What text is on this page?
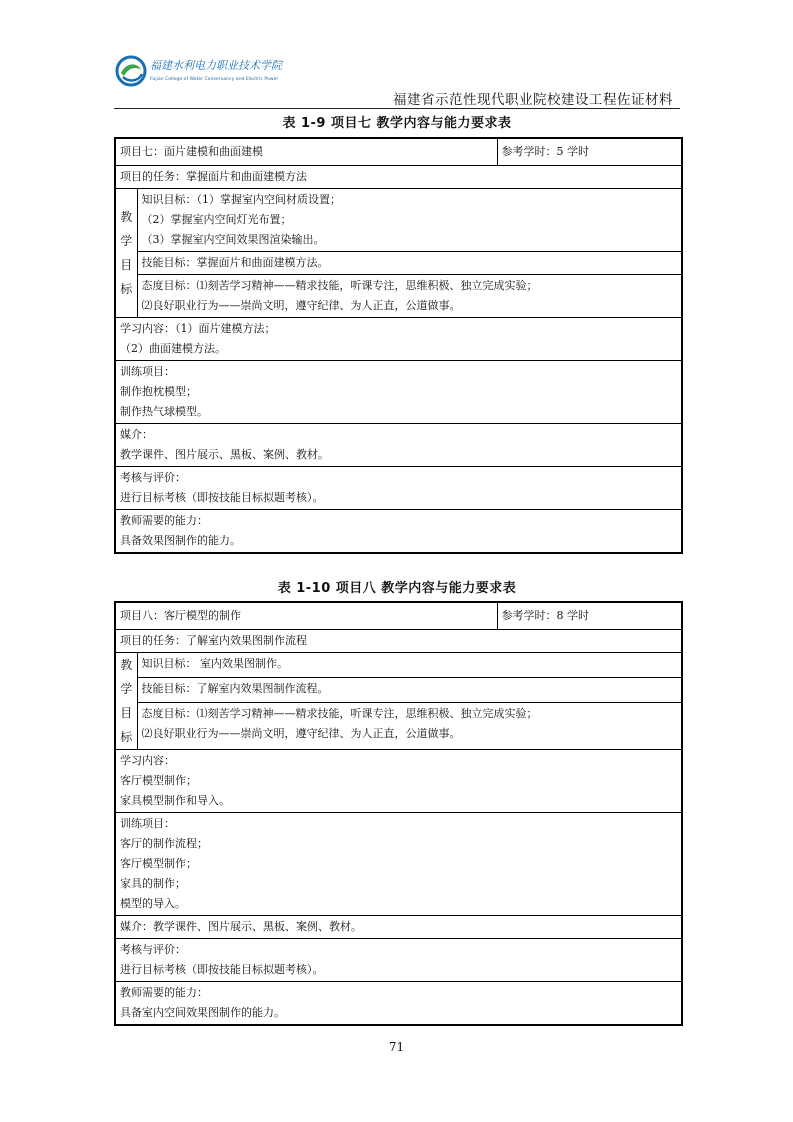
福建水利电力职业技术学院
Fujian College of Water Conservancy and Electric Power
福建省示范性现代职业院校建设工程佐证材料
表 1-9 项目七 教学内容与能力要求表
项目七：面片建模和曲面建模		参考学时：5 学时
项目的任务：掌握面片和曲面建模方法		

教
学
目
标	知识目标：（1）掌握室内空间材质设置；
（2）掌握室内空间灯光布置；
（3）掌握室内空间效果图渲染输出。	

	技能目标：掌握面片和曲面建模方法。	

	态度目标：⑴刻苦学习精神——精求技能，听课专注，思维积极、独立完成实验；
⑵良好职业行为——崇尚文明，遵守纪律、为人正直，公道做事。	

学习内容：（1）面片建模方法；
（2）曲面建模方法。		

训练项目：
制作抱枕模型；
制作热气球模型。		

媒介：
教学课件、图片展示、黑板、案例、教材。		

考核与评价：
进行目标考核（即按技能目标拟题考核）。		

教师需要的能力：
具备效果图制作的能力。		
表 1-10 项目八 教学内容与能力要求表
项目八：客厅模型的制作		参考学时：8 学时
项目的任务：了解室内效果图制作流程		

教
学
目
标	知识目标： 室内效果图制作。	
	技能目标：了解室内效果图制作流程。	

	态度目标：⑴刻苦学习精神——精求技能，听课专注，思维积极、独立完成实验；
⑵良好职业行为——崇尚文明，遵守纪律、为人正直，公道做事。	

学习内容：
客厅模型制作；
家具模型制作和导入。		

训练项目：
客厅的制作流程；
客厅模型制作；
家具的制作；
模型的导入。		

媒介：教学课件、图片展示、黑板、案例、教材。		

考核与评价：
进行目标考核（即按技能目标拟题考核）。		

教师需要的能力：
具备室内空间效果图制作的能力。		
71
